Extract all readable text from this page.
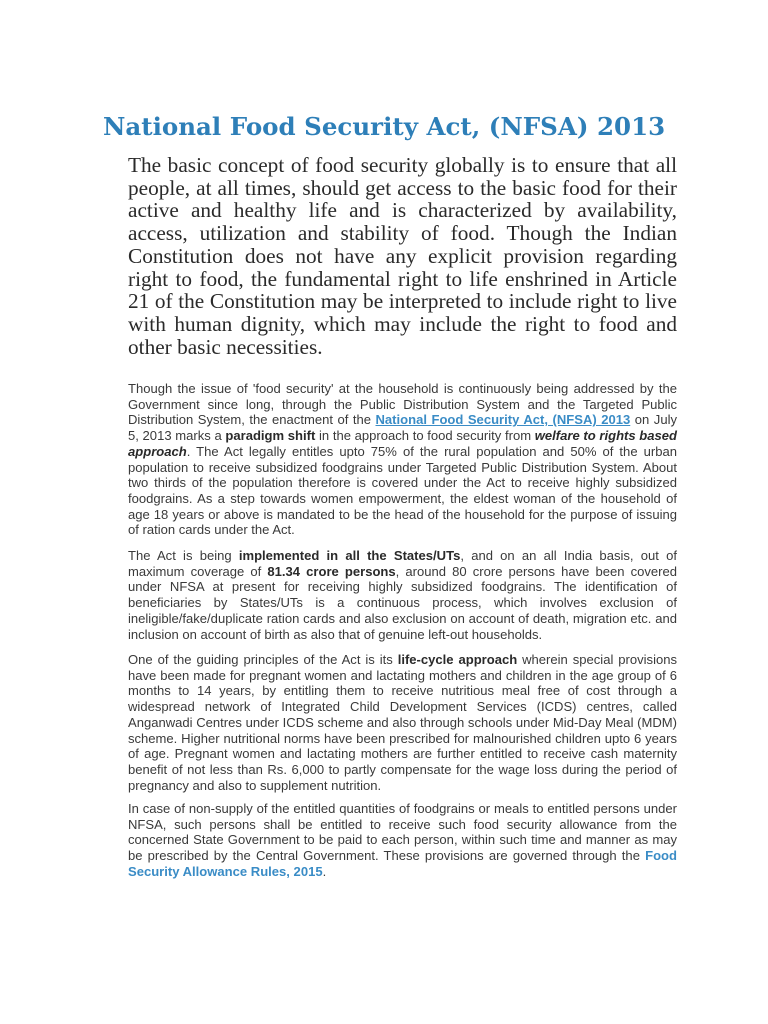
National Food Security Act, (NFSA) 2013

The basic concept of food security globally is to ensure that all people, at all times, should get access to the basic food for their active and healthy life and is characterized by availability, access, utilization and stability of food. Though the Indian Constitution does not have any explicit provision regarding right to food, the fundamental right to life enshrined in Article 21 of the Constitution may be interpreted to include right to live with human dignity, which may include the right to food and other basic necessities.

Though the issue of 'food security' at the household is continuously being addressed by the Government since long, through the Public Distribution System and the Targeted Public Distribution System, the enactment of the National Food Security Act, (NFSA) 2013 on July 5, 2013 marks a paradigm shift in the approach to food security from welfare to rights based approach. The Act legally entitles upto 75% of the rural population and 50% of the urban population to receive subsidized foodgrains under Targeted Public Distribution System. About two thirds of the population therefore is covered under the Act to receive highly subsidized foodgrains. As a step towards women empowerment, the eldest woman of the household of age 18 years or above is mandated to be the head of the household for the purpose of issuing of ration cards under the Act.

The Act is being implemented in all the States/UTs, and on an all India basis, out of maximum coverage of 81.34 crore persons, around 80 crore persons have been covered under NFSA at present for receiving highly subsidized foodgrains. The identification of beneficiaries by States/UTs is a continuous process, which involves exclusion of ineligible/fake/duplicate ration cards and also exclusion on account of death, migration etc. and inclusion on account of birth as also that of genuine left-out households.

One of the guiding principles of the Act is its life-cycle approach wherein special provisions have been made for pregnant women and lactating mothers and children in the age group of 6 months to 14 years, by entitling them to receive nutritious meal free of cost through a widespread network of Integrated Child Development Services (ICDS) centres, called Anganwadi Centres under ICDS scheme and also through schools under Mid-Day Meal (MDM) scheme. Higher nutritional norms have been prescribed for malnourished children upto 6 years of age. Pregnant women and lactating mothers are further entitled to receive cash maternity benefit of not less than Rs. 6,000 to partly compensate for the wage loss during the period of pregnancy and also to supplement nutrition.

In case of non-supply of the entitled quantities of foodgrains or meals to entitled persons under NFSA, such persons shall be entitled to receive such food security allowance from the concerned State Government to be paid to each person, within such time and manner as may be prescribed by the Central Government. These provisions are governed through the Food Security Allowance Rules, 2015.
